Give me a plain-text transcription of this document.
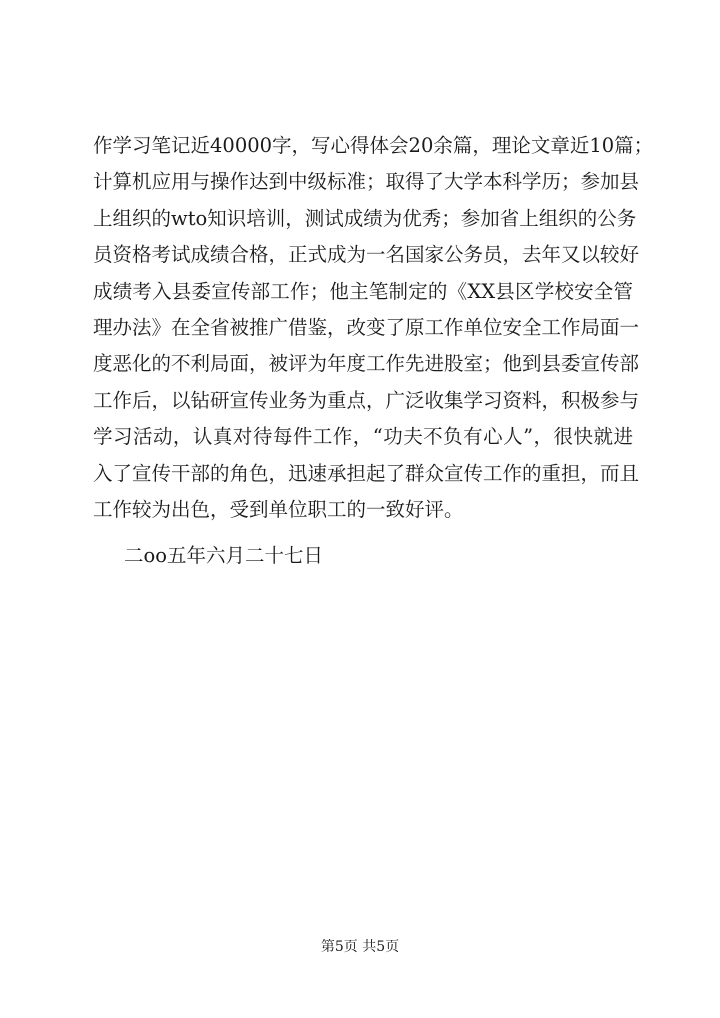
作学习笔记近40000字，写心得体会20余篇，理论文章近10篇；
计算机应用与操作达到中级标准；取得了大学本科学历；参加县
上组织的wto知识培训，测试成绩为优秀；参加省上组织的公务
员资格考试成绩合格，正式成为一名国家公务员，去年又以较好
成绩考入县委宣传部工作；他主笔制定的《XX县区学校安全管
理办法》在全省被推广借鉴，改变了原工作单位安全工作局面一
度恶化的不利局面，被评为年度工作先进股室；他到县委宣传部
工作后，以钻研宣传业务为重点，广泛收集学习资料，积极参与
学习活动，认真对待每件工作，“功夫不负有心人”，很快就进
入了宣传干部的角色，迅速承担起了群众宣传工作的重担，而且
工作较为出色，受到单位职工的一致好评。
二oo五年六月二十七日
第5页 共5页
